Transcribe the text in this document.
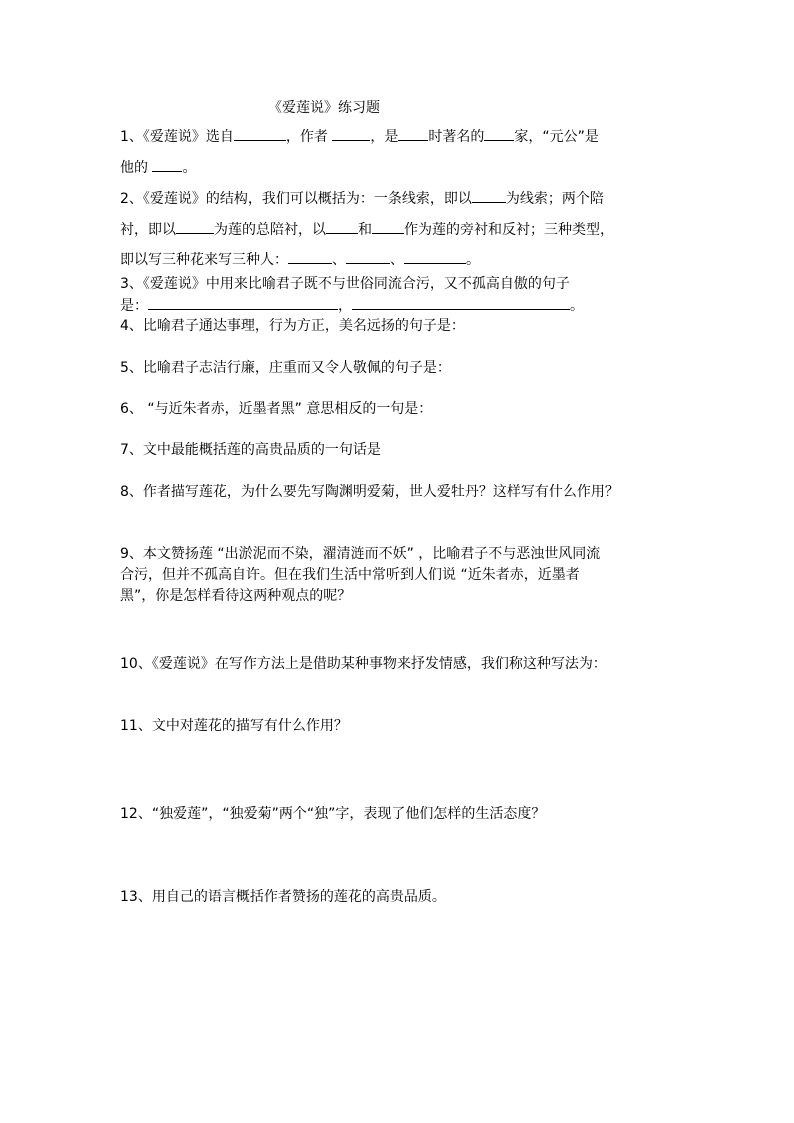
《爱莲说》练习题
1、《爱莲说》选自	，作者	，是 时著名的 家，“元公”是
他的 。
2、《爱莲说》的结构，我们可以概括为：一条线索，即以 为线索；两个陪
衬，即以	为莲的总陪衬，以 和 作为莲的旁衬和反衬；三种类型，
即以写三种花来写三种人：	、	、	。
3、《爱莲说》中用来比喻君子既不与世俗同流合污，又不孤高自傲的句子
是：	，	。
4、比喻君子通达事理，行为方正，美名远扬的句子是：
5、比喻君子志洁行廉，庄重而又令人敬佩的句子是：
6、 “与近朱者赤，近墨者黑” 意思相反的一句是：
7、文中最能概括莲的高贵品质的一句话是
8、作者描写莲花，为什么要先写陶渊明爱菊，世人爱牡丹？这样写有什么作用？
9、本文赞扬莲 “出淤泥而不染，濯清涟而不妖” ，比喻君子不与恶浊世风同流
合污，但并不孤高自许。但在我们生活中常听到人们说 “近朱者赤，近墨者
黑”，你是怎样看待这两种观点的呢？
10、《爱莲说》在写作方法上是借助某种事物来抒发情感，我们称这种写法为：
11、文中对莲花的描写有什么作用？
12、“独爱莲”，“独爱菊”两个“独”字，表现了他们怎样的生活态度？
13、用自己的语言概括作者赞扬的莲花的高贵品质。
